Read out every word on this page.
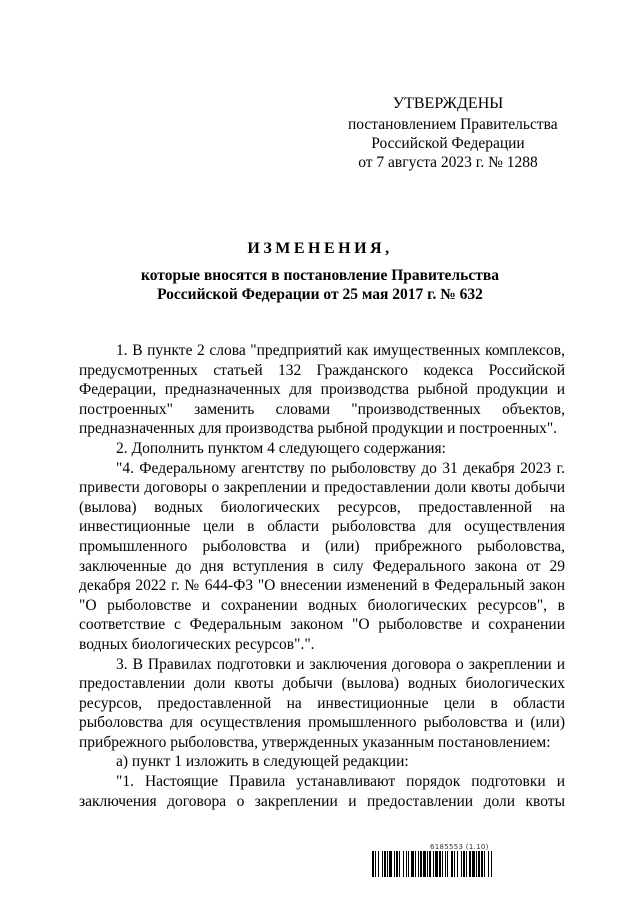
УТВЕРЖДЕНЫ
постановлением Правительства
Российской Федерации
от 7 августа 2023 г. № 1288
ИЗМЕНЕНИЯ,
которые вносятся в постановление Правительства
Российской Федерации от 25 мая 2017 г. № 632

1. В пункте 2 слова "предприятий как имущественных комплексов, предусмотренных статьей 132 Гражданского кодекса Российской Федерации, предназначенных для производства рыбной продукции и построенных" заменить словами "производственных объектов, предназначенных для производства рыбной продукции и построенных".

2. Дополнить пунктом 4 следующего содержания:

"4. Федеральному агентству по рыболовству до 31 декабря 2023 г. привести договоры о закреплении и предоставлении доли квоты добычи (вылова) водных биологических ресурсов, предоставленной на инвестиционные цели в области рыболовства для осуществления промышленного рыболовства и (или) прибрежного рыболовства, заключенные до дня вступления в силу Федерального закона от 29 декабря 2022 г. № 644-ФЗ "О внесении изменений в Федеральный закон "О рыболовстве и сохранении водных биологических ресурсов", в соответствие с Федеральным законом "О рыболовстве и сохранении водных биологических ресурсов".".

3. В Правилах подготовки и заключения договора о закреплении и предоставлении доли квоты добычи (вылова) водных биологических ресурсов, предоставленной на инвестиционные цели в области рыболовства для осуществления промышленного рыболовства и (или) прибрежного рыболовства, утвержденных указанным постановлением:

а) пункт 1 изложить в следующей редакции:

"1. Настоящие Правила устанавливают порядок подготовки и заключения договора о закреплении и предоставлении доли квоты

6185553 (1.10)
